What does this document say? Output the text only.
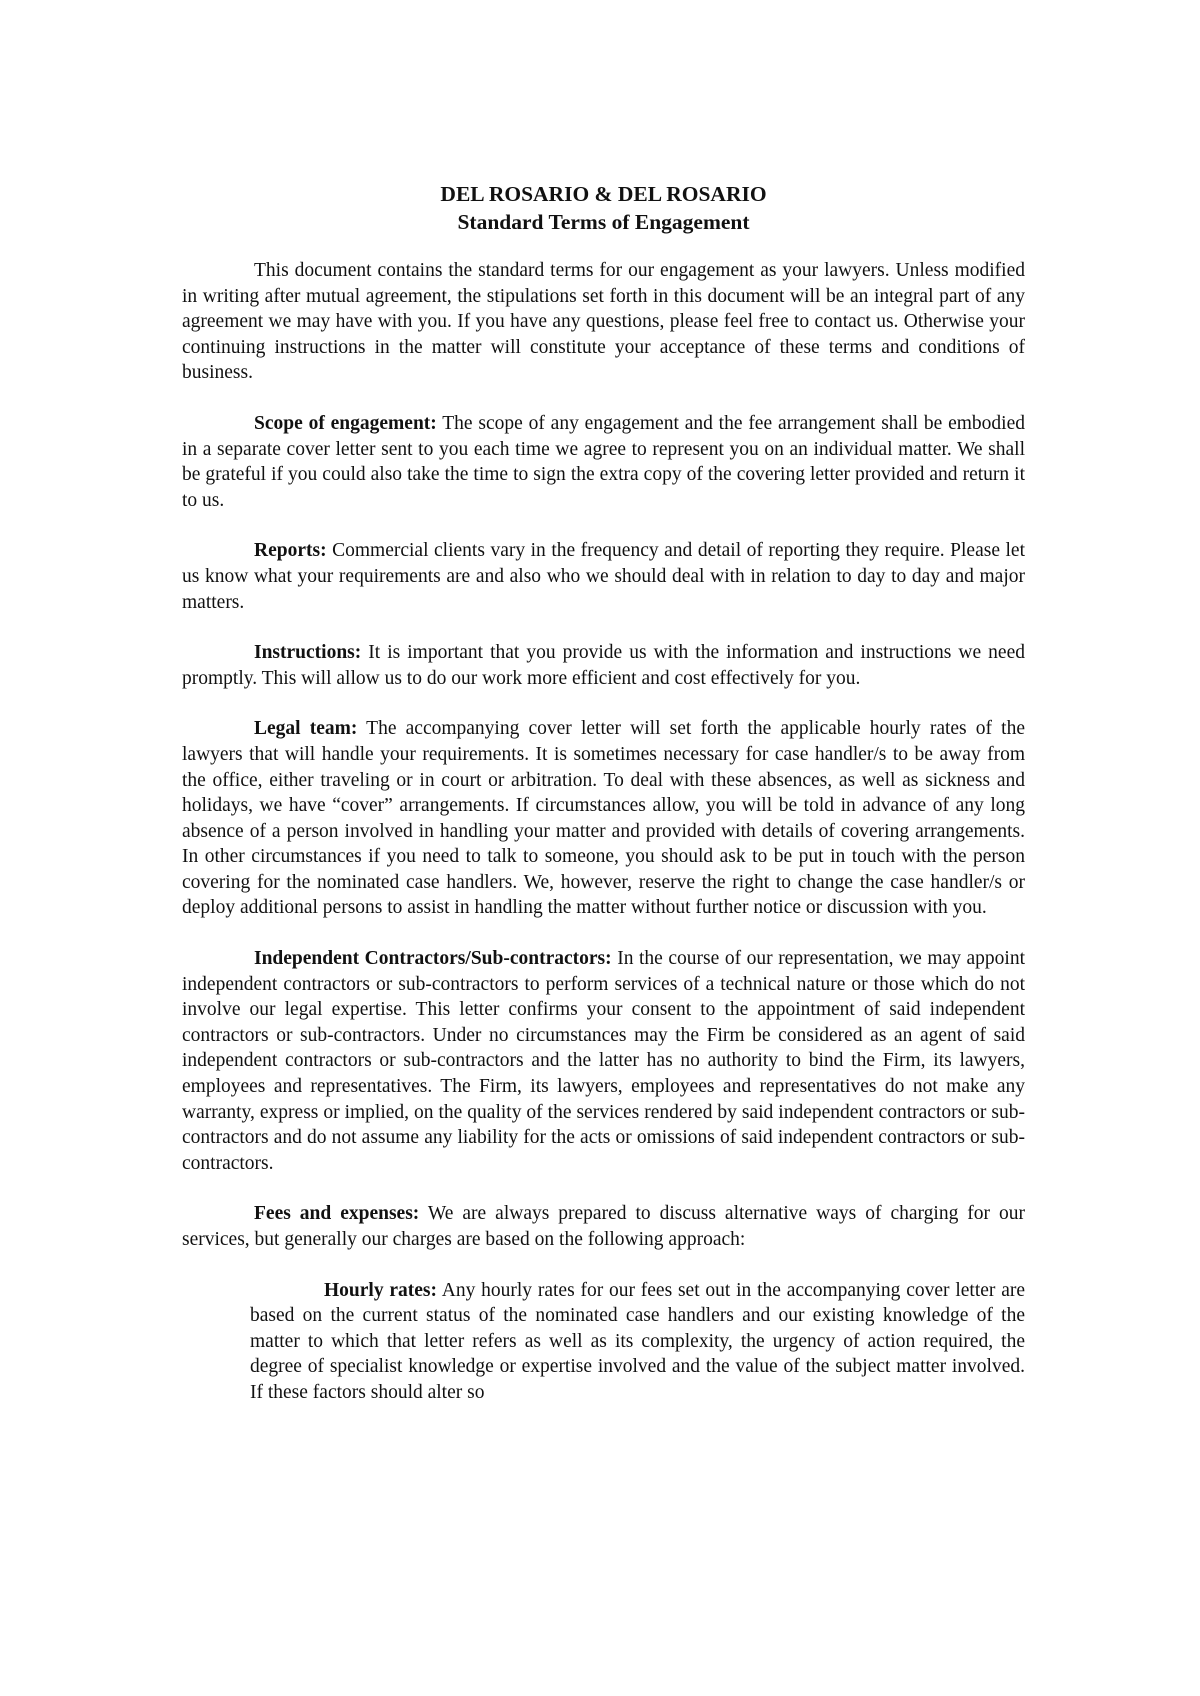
DEL ROSARIO & DEL ROSARIO
Standard Terms of Engagement

This document contains the standard terms for our engagement as your lawyers. Unless modified in writing after mutual agreement, the stipulations set forth in this document will be an integral part of any agreement we may have with you. If you have any questions, please feel free to contact us. Otherwise your continuing instructions in the matter will constitute your acceptance of these terms and conditions of business.

Scope of engagement: The scope of any engagement and the fee arrangement shall be embodied in a separate cover letter sent to you each time we agree to represent you on an individual matter. We shall be grateful if you could also take the time to sign the extra copy of the covering letter provided and return it to us.

Reports: Commercial clients vary in the frequency and detail of reporting they require. Please let us know what your requirements are and also who we should deal with in relation to day to day and major matters.

Instructions: It is important that you provide us with the information and instructions we need promptly. This will allow us to do our work more efficient and cost effectively for you.

Legal team: The accompanying cover letter will set forth the applicable hourly rates of the lawyers that will handle your requirements. It is sometimes necessary for case handler/s to be away from the office, either traveling or in court or arbitration. To deal with these absences, as well as sickness and holidays, we have “cover” arrangements. If circumstances allow, you will be told in advance of any long absence of a person involved in handling your matter and provided with details of covering arrangements. In other circumstances if you need to talk to someone, you should ask to be put in touch with the person covering for the nominated case handlers. We, however, reserve the right to change the case handler/s or deploy additional persons to assist in handling the matter without further notice or discussion with you.

Independent Contractors/Sub-contractors: In the course of our representation, we may appoint independent contractors or sub-contractors to perform services of a technical nature or those which do not involve our legal expertise. This letter confirms your consent to the appointment of said independent contractors or sub-contractors. Under no circumstances may the Firm be considered as an agent of said independent contractors or sub-contractors and the latter has no authority to bind the Firm, its lawyers, employees and representatives. The Firm, its lawyers, employees and representatives do not make any warranty, express or implied, on the quality of the services rendered by said independent contractors or sub-contractors and do not assume any liability for the acts or omissions of said independent contractors or sub-contractors.

Fees and expenses: We are always prepared to discuss alternative ways of charging for our services, but generally our charges are based on the following approach:

Hourly rates: Any hourly rates for our fees set out in the accompanying cover letter are based on the current status of the nominated case handlers and our existing knowledge of the matter to which that letter refers as well as its complexity, the urgency of action required, the degree of specialist knowledge or expertise involved and the value of the subject matter involved. If these factors should alter so
